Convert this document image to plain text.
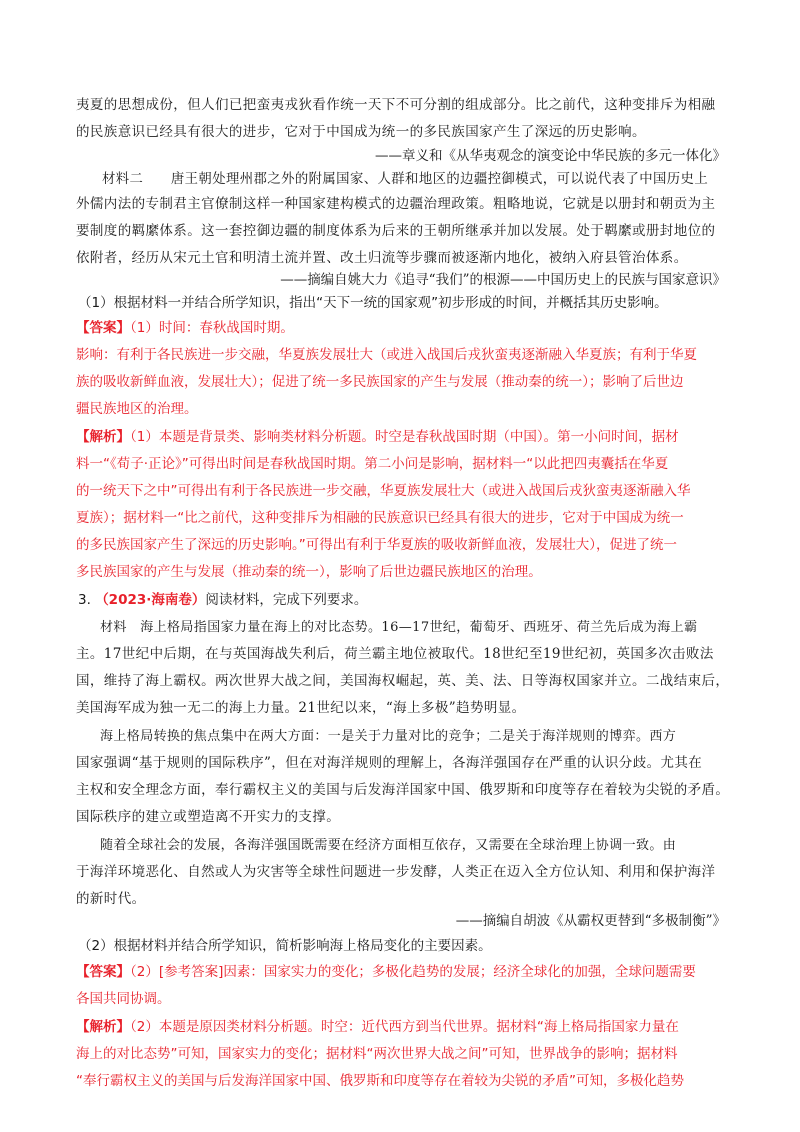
夷夏的思想成份，但人们已把蛮夷戎狄看作统一天下不可分割的组成部分。比之前代，这种变排斥为相融
的民族意识已经具有很大的进步，它对于中国成为统一的多民族国家产生了深远的历史影响。
——章义和《从华夷观念的演变论中华民族的多元一体化》
材料二　　唐王朝处理州郡之外的附属国家、人群和地区的边疆控御模式，可以说代表了中国历史上
外儒内法的专制君主官僚制这样一种国家建构模式的边疆治理政策。粗略地说，它就是以册封和朝贡为主
要制度的羁縻体系。这一套控御边疆的制度体系为后来的王朝所继承并加以发展。处于羁縻或册封地位的
依附者，经历从宋元土官和明清土流并置、改土归流等步骤而被逐渐内地化，被纳入府县管治体系。
——摘编自姚大力《追寻“我们”的根源——中国历史上的民族与国家意识》
（1）根据材料一并结合所学知识，指出“天下一统的国家观”初步形成的时间，并概括其历史影响。
【答案】（1）时间：春秋战国时期。
影响：有利于各民族进一步交融，华夏族发展壮大（或进入战国后戎狄蛮夷逐渐融入华夏族；有利于华夏
族的吸收新鲜血液，发展壮大）；促进了统一多民族国家的产生与发展（推动秦的统一）；影响了后世边
疆民族地区的治理。
【解析】（1）本题是背景类、影响类材料分析题。时空是春秋战国时期（中国）。第一小问时间，据材
料一“《荀子·正论》”可得出时间是春秋战国时期。第二小问是影响，据材料一“以此把四夷囊括在华夏
的一统天下之中”可得出有利于各民族进一步交融，华夏族发展壮大（或进入战国后戎狄蛮夷逐渐融入华
夏族）；据材料一“比之前代，这种变排斥为相融的民族意识已经具有很大的进步，它对于中国成为统一
的多民族国家产生了深远的历史影响。”可得出有利于华夏族的吸收新鲜血液，发展壮大），促进了统一
多民族国家的产生与发展（推动秦的统一），影响了后世边疆民族地区的治理。
3. （2023·海南卷）阅读材料，完成下列要求。
材料　海上格局指国家力量在海上的对比态势。16—17世纪，葡萄牙、西班牙、荷兰先后成为海上霸
主。17世纪中后期，在与英国海战失利后，荷兰霸主地位被取代。18世纪至19世纪初，英国多次击败法
国，维持了海上霸权。两次世界大战之间，美国海权崛起，英、美、法、日等海权国家并立。二战结束后，
美国海军成为独一无二的海上力量。21世纪以来，“海上多极”趋势明显。
海上格局转换的焦点集中在两大方面：一是关于力量对比的竞争；二是关于海洋规则的博弈。西方
国家强调“基于规则的国际秩序”，但在对海洋规则的理解上，各海洋强国存在严重的认识分歧。尤其在
主权和安全理念方面，奉行霸权主义的美国与后发海洋国家中国、俄罗斯和印度等存在着较为尖锐的矛盾。
国际秩序的建立或塑造离不开实力的支撑。
随着全球社会的发展，各海洋强国既需要在经济方面相互依存，又需要在全球治理上协调一致。由
于海洋环境恶化、自然或人为灾害等全球性问题进一步发酵，人类正在迈入全方位认知、利用和保护海洋
的新时代。
——摘编自胡波《从霸权更替到“多极制衡”》
（2）根据材料并结合所学知识，简析影响海上格局变化的主要因素。
【答案】（2）[参考答案]因素：国家实力的变化；多极化趋势的发展；经济全球化的加强，全球问题需要
各国共同协调。
【解析】（2）本题是原因类材料分析题。时空：近代西方到当代世界。据材料“海上格局指国家力量在
海上的对比态势”可知，国家实力的变化；据材料“两次世界大战之间”可知，世界战争的影响；据材料
“奉行霸权主义的美国与后发海洋国家中国、俄罗斯和印度等存在着较为尖锐的矛盾”可知，多极化趋势
